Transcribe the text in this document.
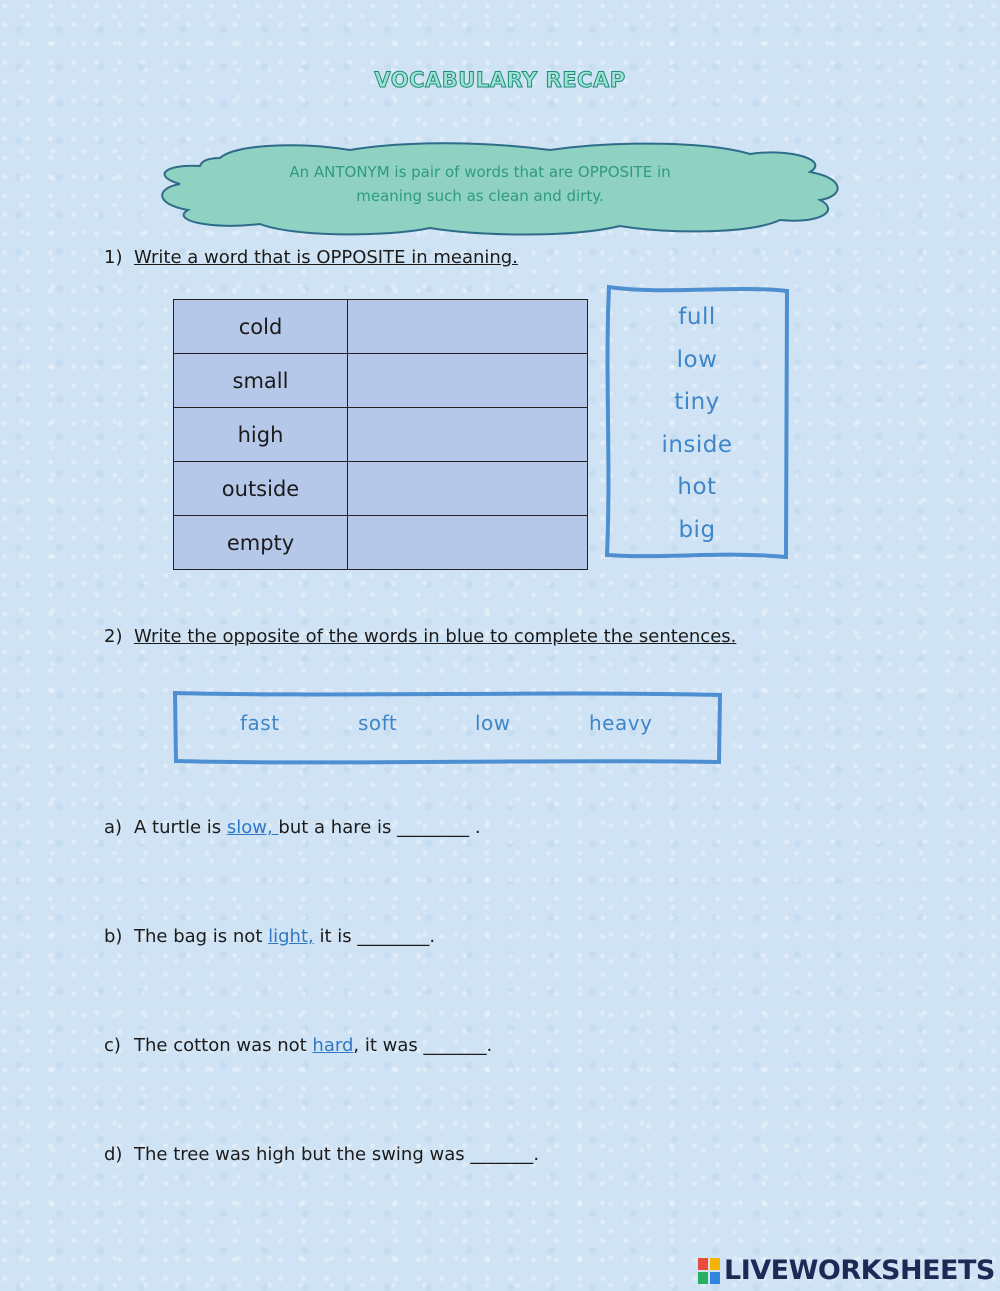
VOCABULARY RECAP
An ANTONYM is pair of words that are OPPOSITE in
meaning such as clean and dirty.
1) Write a word that is OPPOSITE in meaning.
cold	
small	
high	
outside	
empty	
full
low
tiny
inside
hot
big
2) Write the opposite of the words in blue to complete the sentences.
fast	soft	low	heavy
a) A turtle is slow, but a hare is ________ .
b) The bag is not light, it is ________.
c) The cotton was not hard, it was _______.
d) The tree was high but the swing was _______.
LIVEWORKSHEETS
